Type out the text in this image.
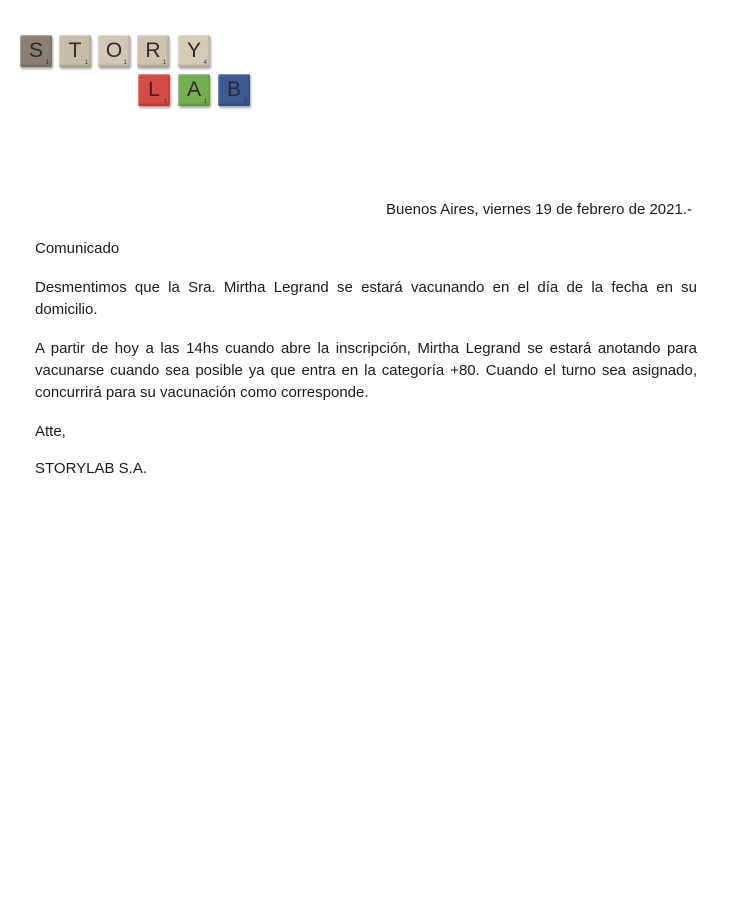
S
1
T
1
O
1
R
1
Y
4
L
1
A
1
B
3
Buenos Aires, viernes 19 de febrero de 2021.-
Comunicado
Desmentimos que la Sra. Mirtha Legrand se estará vacunando en el día de la fecha en su domicilio.
A partir de hoy a las 14hs cuando abre la inscripción, Mirtha Legrand se estará anotando para vacunarse cuando sea posible ya que entra en la categoría +80. Cuando el turno sea asignado, concurrirá para su vacunación como corresponde.
Atte,
STORYLAB S.A.
